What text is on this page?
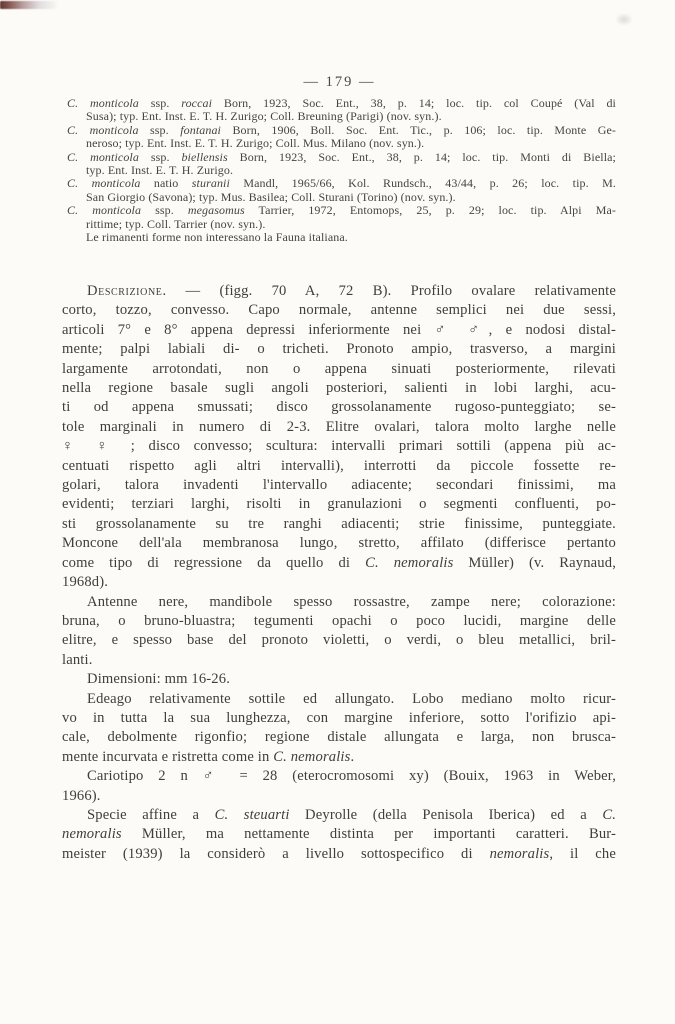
— 179 —
C. monticola ssp. roccai Born, 1923, Soc. Ent., 38, p. 14; loc. tip. col Coupé (Val di
Susa); typ. Ent. Inst. E. T. H. Zurigo; Coll. Breuning (Parigi) (nov. syn.).
C. monticola ssp. fontanai Born, 1906, Boll. Soc. Ent. Tic., p. 106; loc. tip. Monte Ge-
neroso; typ. Ent. Inst. E. T. H. Zurigo; Coll. Mus. Milano (nov. syn.).
C. monticola ssp. biellensis Born, 1923, Soc. Ent., 38, p. 14; loc. tip. Monti di Biella;
typ. Ent. Inst. E. T. H. Zurigo.
C. monticola natio sturanii Mandl, 1965/66, Kol. Rundsch., 43/44, p. 26; loc. tip. M.
San Giorgio (Savona); typ. Mus. Basilea; Coll. Sturani (Torino) (nov. syn.).
C. monticola ssp. megasomus Tarrier, 1972, Entomops, 25, p. 29; loc. tip. Alpi Ma-
rittime; typ. Coll. Tarrier (nov. syn.).
Le rimanenti forme non interessano la Fauna italiana.
Descrizione. — (figg. 70 A, 72 B). Profilo ovalare relativamente
corto, tozzo, convesso. Capo normale, antenne semplici nei due sessi,
articoli 7° e 8° appena depressi inferiormente nei ♂ ♂, e nodosi distal-
mente; palpi labiali di- o tricheti. Pronoto ampio, trasverso, a margini
largamente arrotondati, non o appena sinuati posteriormente, rilevati
nella regione basale sugli angoli posteriori, salienti in lobi larghi, acu-
ti od appena smussati; disco grossolanamente rugoso-punteggiato; se-
tole marginali in numero di 2-3. Elitre ovalari, talora molto larghe nelle
♀ ♀ ; disco convesso; scultura: intervalli primari sottili (appena più ac-
centuati rispetto agli altri intervalli), interrotti da piccole fossette re-
golari, talora invadenti l'intervallo adiacente; secondari finissimi, ma
evidenti; terziari larghi, risolti in granulazioni o segmenti confluenti, po-
sti grossolanamente su tre ranghi adiacenti; strie finissime, punteggiate.
Moncone dell'ala membranosa lungo, stretto, affilato (differisce pertanto
come tipo di regressione da quello di C. nemoralis Müller) (v. Raynaud,
1968d).
Antenne nere, mandibole spesso rossastre, zampe nere; colorazione:
bruna, o bruno-bluastra; tegumenti opachi o poco lucidi, margine delle
elitre, e spesso base del pronoto violetti, o verdi, o bleu metallici, bril-
lanti.
Dimensioni: mm 16-26.
Edeago relativamente sottile ed allungato. Lobo mediano molto ricur-
vo in tutta la sua lunghezza, con margine inferiore, sotto l'orifizio api-
cale, debolmente rigonfio; regione distale allungata e larga, non brusca-
mente incurvata e ristretta come in C. nemoralis.
Cariotipo 2 n ♂ = 28 (eterocromosomi xy) (Bouix, 1963 in Weber,
1966).
Specie affine a C. steuarti Deyrolle (della Penisola Iberica) ed a C.
nemoralis Müller, ma nettamente distinta per importanti caratteri. Bur-
meister (1939) la considerò a livello sottospecifico di nemoralis, il che
